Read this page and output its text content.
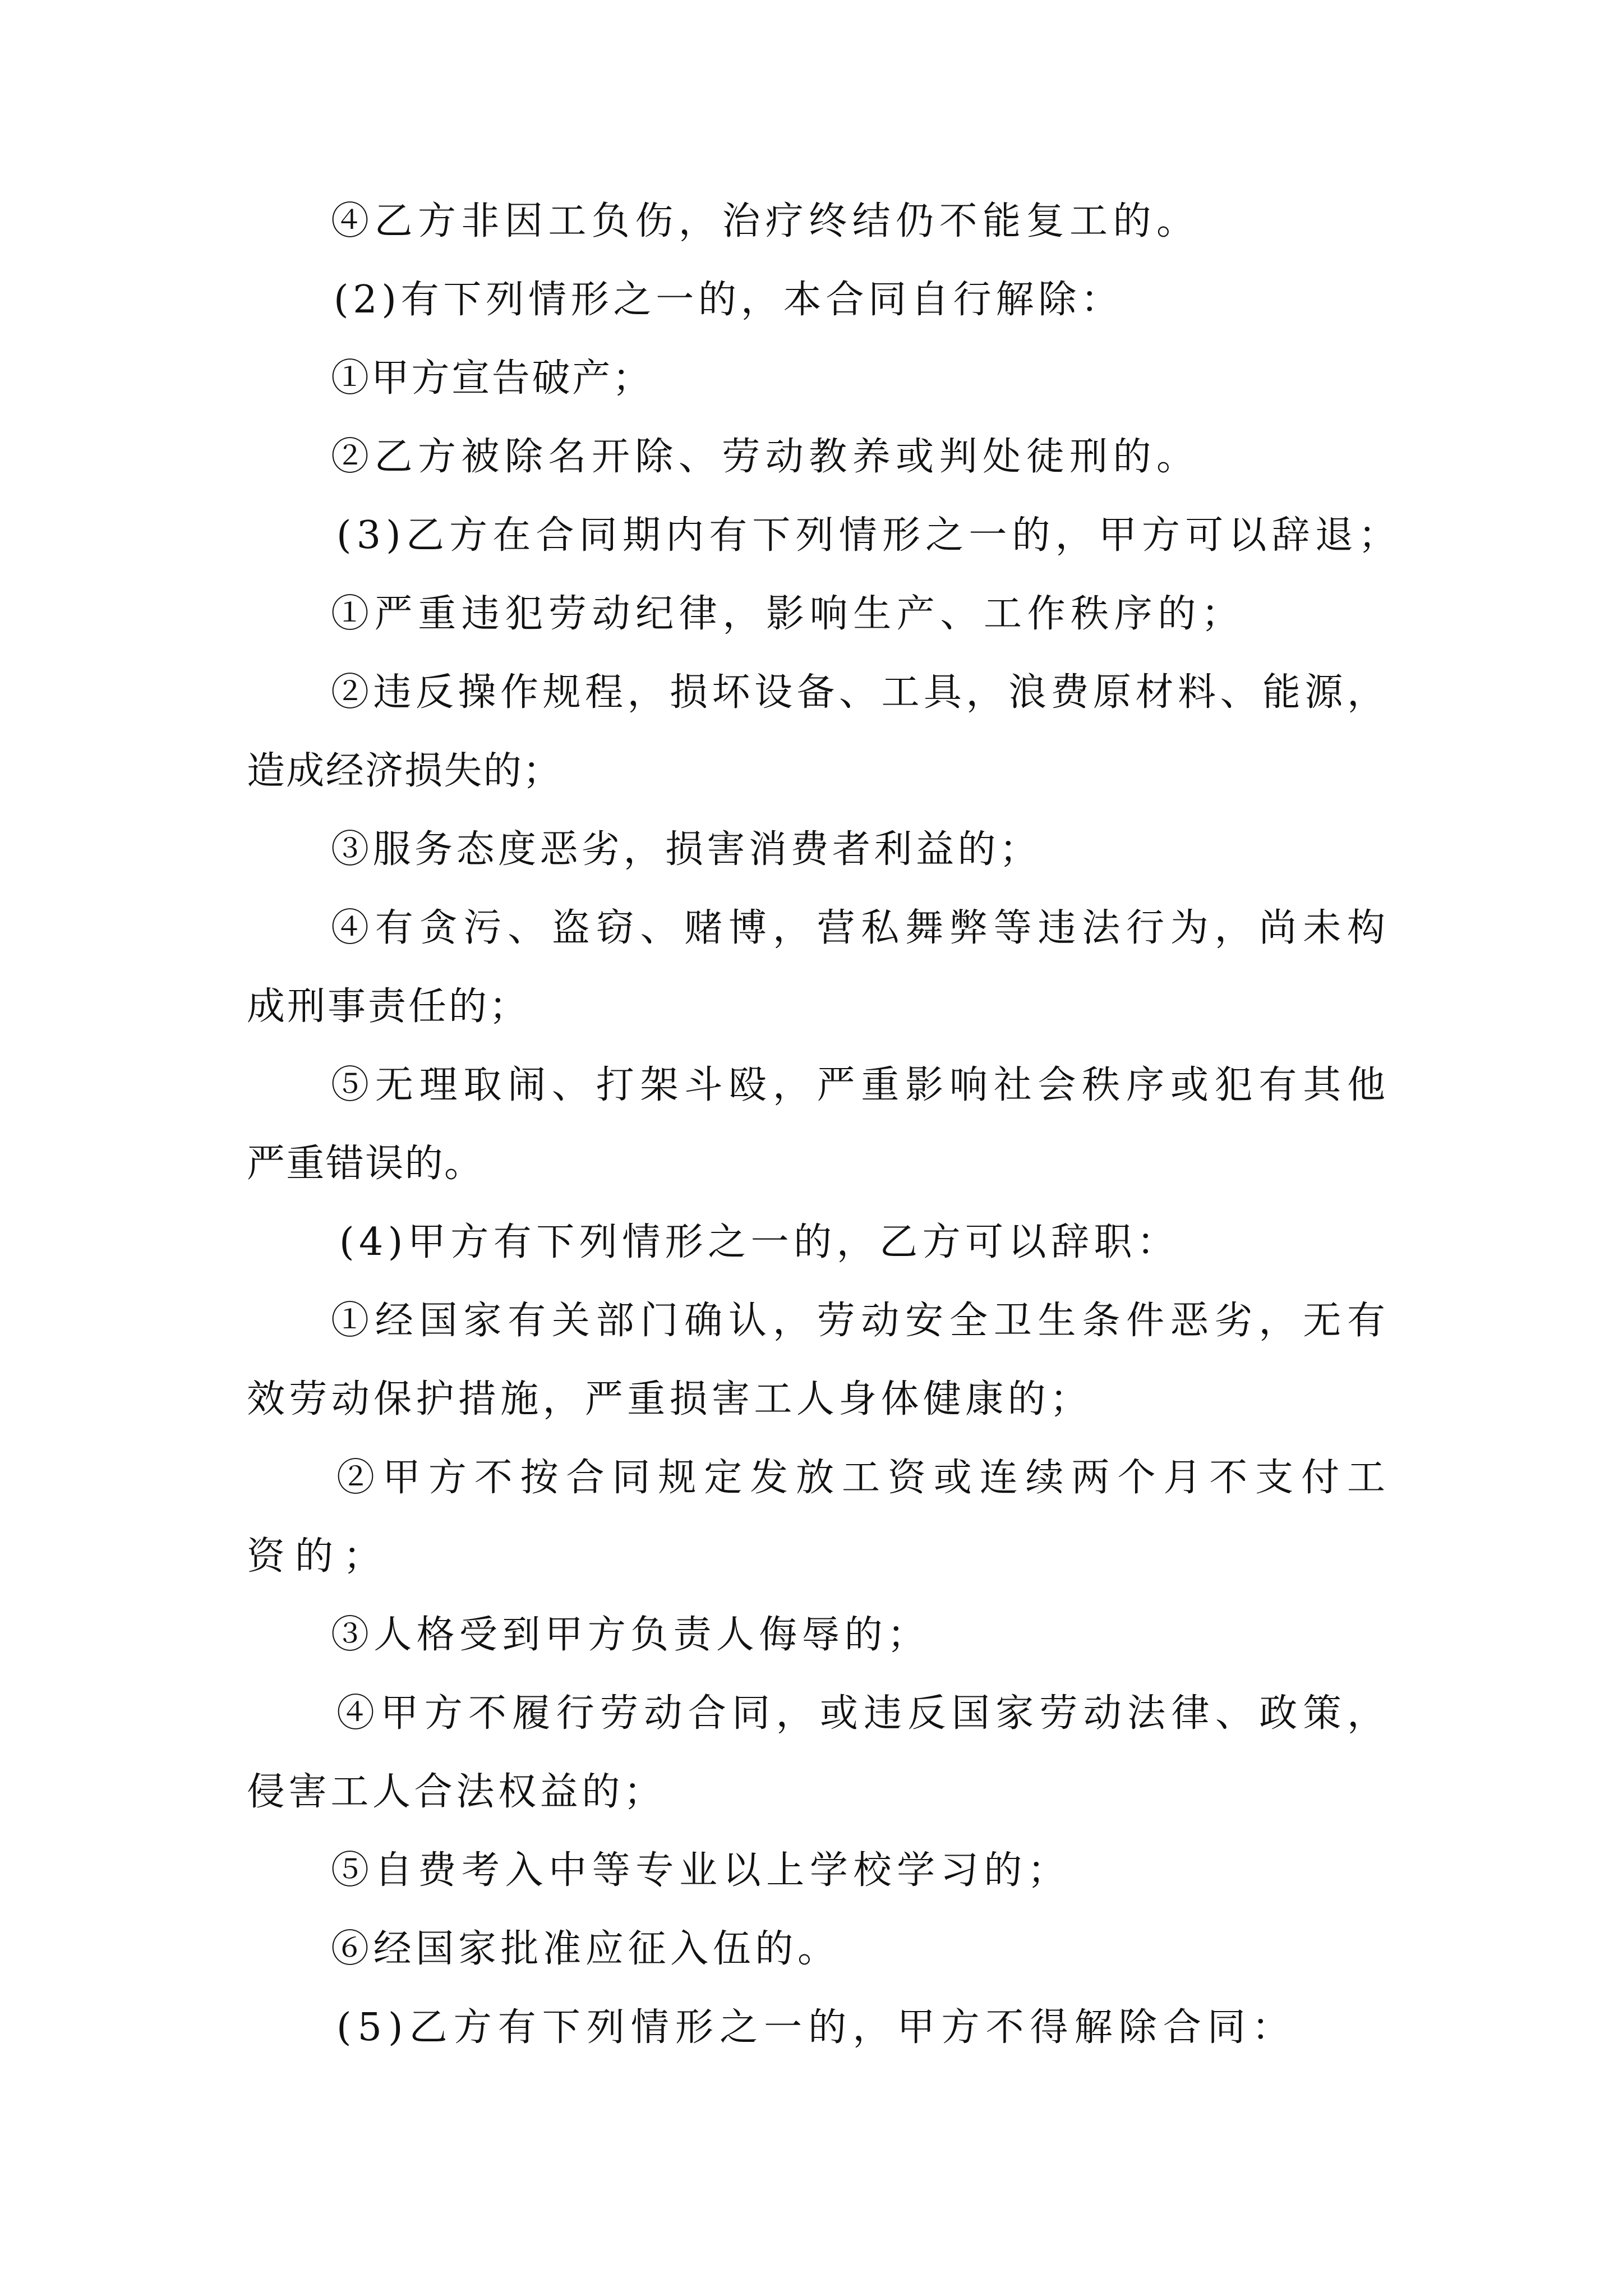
④乙方非因工负伤，治疗终结仍不能复工的。
(2)有下列情形之一的，本合同自行解除：
①甲方宣告破产；
②乙方被除名开除、劳动教养或判处徒刑的。
(3)乙方在合同期内有下列情形之一的，甲方可以辞退；
①严重违犯劳动纪律，影响生产、工作秩序的；
②违反操作规程，损坏设备、工具，浪费原材料、能源，
造成经济损失的；
③服务态度恶劣，损害消费者利益的；
④有贪污、盗窃、赌博，营私舞弊等违法行为，尚未构
成刑事责任的；
⑤无理取闹、打架斗殴，严重影响社会秩序或犯有其他
严重错误的。
(4)甲方有下列情形之一的，乙方可以辞职：
①经国家有关部门确认，劳动安全卫生条件恶劣，无有
效劳动保护措施，严重损害工人身体健康的；
②甲方不按合同规定发放工资或连续两个月不支付工
资的；
③人格受到甲方负责人侮辱的；
④甲方不履行劳动合同，或违反国家劳动法律、政策，
侵害工人合法权益的；
⑤自费考入中等专业以上学校学习的；
⑥经国家批准应征入伍的。
(5)乙方有下列情形之一的，甲方不得解除合同：
